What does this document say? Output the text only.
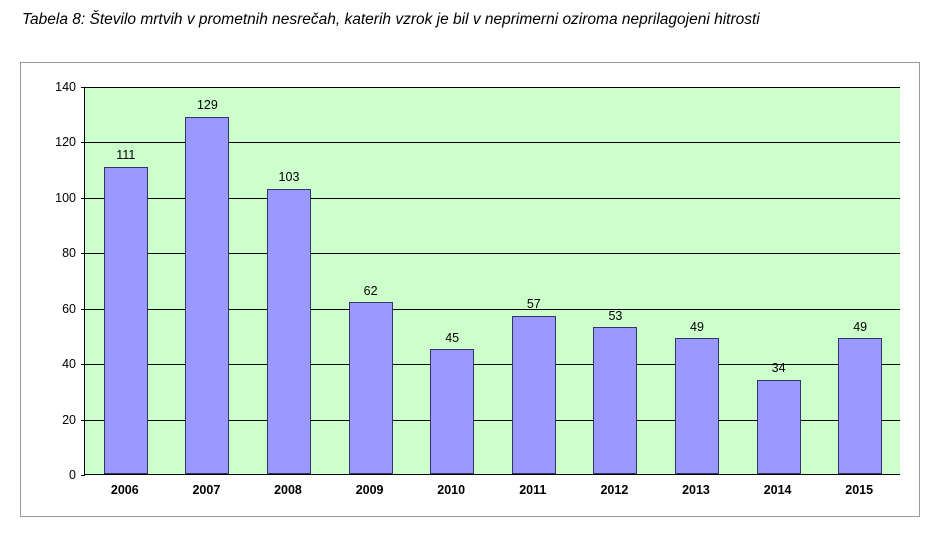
Tabela 8: Število mrtvih v prometnih nesrečah, katerih vzrok je bil v neprimerni oziroma neprilagojeni hitrosti
0
20
40
60
80
100
120
140
111
129
103
62
45
57
53
49
34
49
2006	2007	2008	2009	2010	2011	2012	2013	2014	2015
